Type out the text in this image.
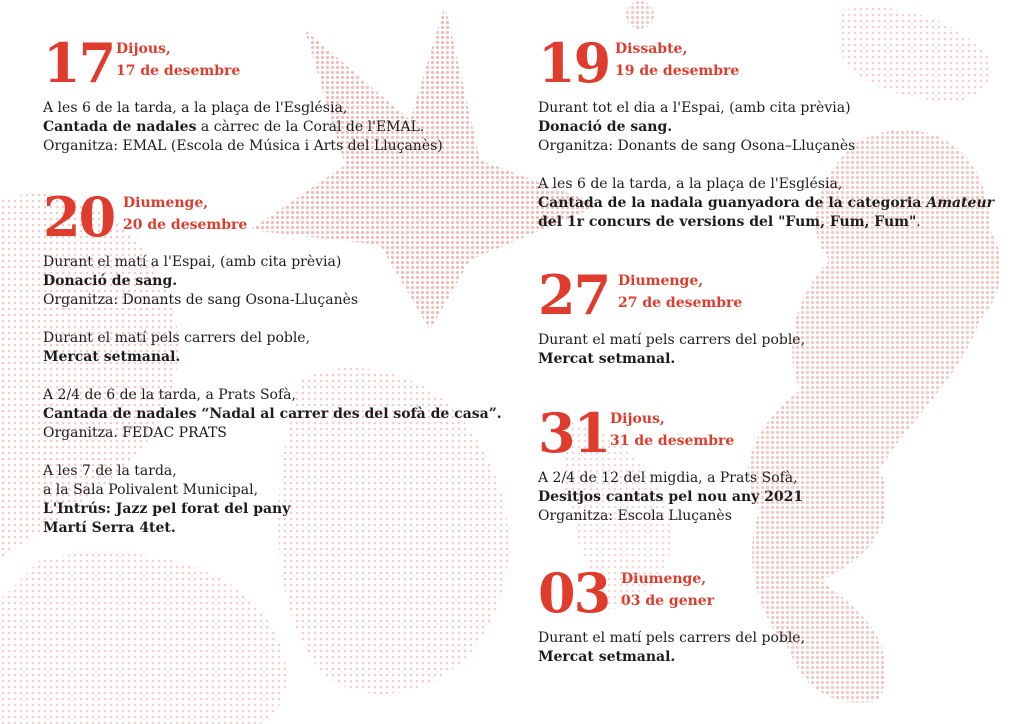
17 Dijous,
17 de desembre

A les 6 de la tarda, a la plaça de l'Església,
Cantada de nadales a càrrec de la Coral de l'EMAL.
Organitza: EMAL (Escola de Música i Arts del Lluçanès)

20 Diumenge,
20 de desembre

Durant el matí a l'Espai, (amb cita prèvia)
Donació de sang.
Organitza: Donants de sang Osona-Lluçanès

Durant el matí pels carrers del poble,
Mercat setmanal.

A 2/4 de 6 de la tarda, a Prats Sofà,
Cantada de nadales “Nadal al carrer des del sofà de casa”.
Organitza. FEDAC PRATS

A les 7 de la tarda,
a la Sala Polivalent Municipal,
L'Intrús: Jazz pel forat del pany
Martí Serra 4tet.

19 Dissabte,
19 de desembre

Durant tot el dia a l'Espai, (amb cita prèvia)
Donació de sang.
Organitza: Donants de sang Osona–Lluçanès

A les 6 de la tarda, a la plaça de l'Església,
Cantada de la nadala guanyadora de la categoria Amateur
del 1r concurs de versions del "Fum, Fum, Fum".

27 Diumenge,
27 de desembre

Durant el matí pels carrers del poble,
Mercat setmanal.

31 Dijous,
31 de desembre

A 2/4 de 12 del migdia, a Prats Sofà,
Desitjos cantats pel nou any 2021
Organitza: Escola Lluçanès

03 Diumenge,
03 de gener

Durant el matí pels carrers del poble,
Mercat setmanal.
